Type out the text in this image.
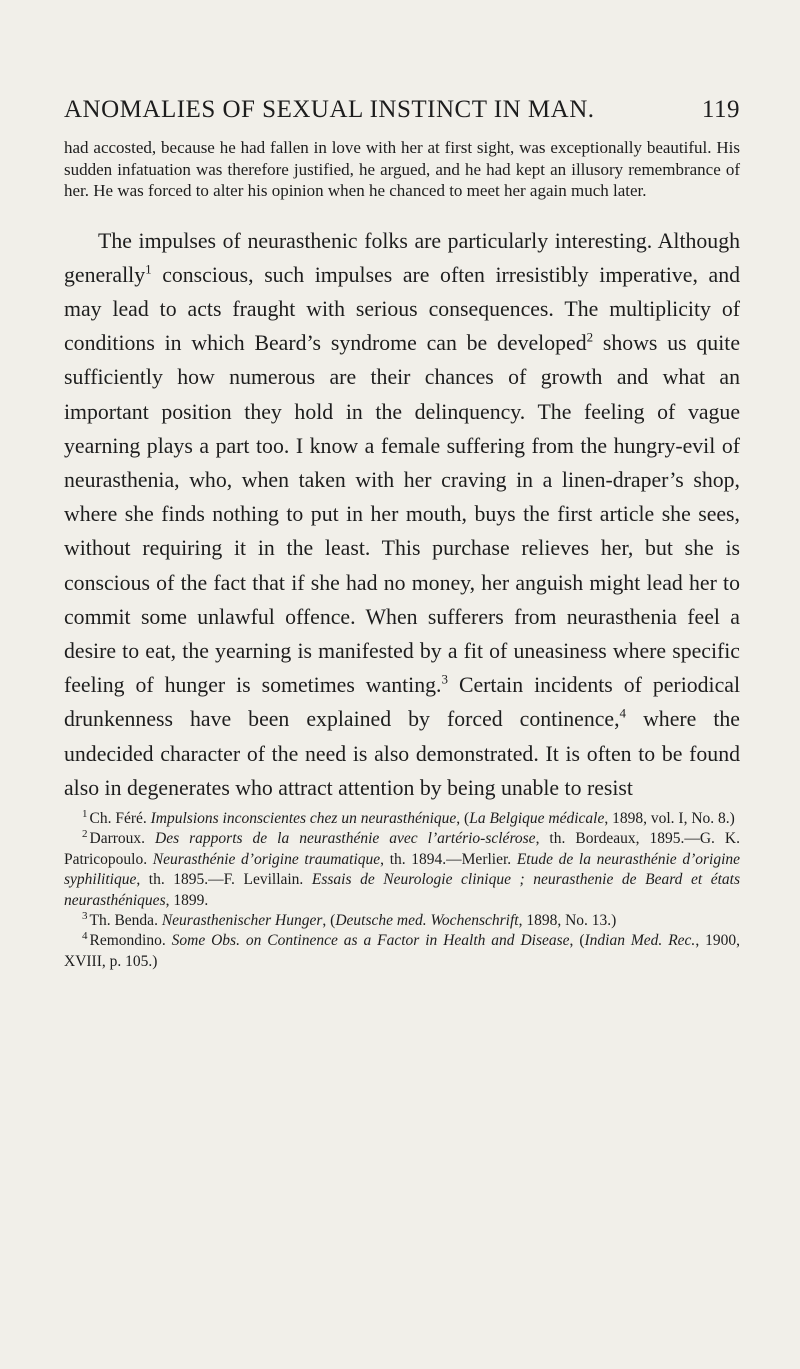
ANOMALIES OF SEXUAL INSTINCT IN MAN.	119

had accosted, because he had fallen in love with her at first sight, was exceptionally beautiful. His sudden infatuation was therefore justified, he argued, and he had kept an illusory remembrance of her. He was forced to alter his opinion when he chanced to meet her again much later.

The impulses of neurasthenic folks are particularly interesting. Although generally$^1$ conscious, such impulses are often irresistibly imperative, and may lead to acts fraught with serious consequences. The multiplicity of conditions in which Beard’s syndrome can be developed$^2$ shows us quite sufficiently how numerous are their chances of growth and what an important position they hold in the delinquency. The feeling of vague yearning plays a part too. I know a female suffering from the hungry-evil of neurasthenia, who, when taken with her craving in a linen-draper’s shop, where she finds nothing to put in her mouth, buys the first article she sees, without requiring it in the least. This purchase relieves her, but she is conscious of the fact that if she had no money, her anguish might lead her to commit some unlawful offence. When sufferers from neurasthenia feel a desire to eat, the yearning is manifested by a fit of uneasiness where specific feeling of hunger is sometimes wanting.$^3$ Certain incidents of periodical drunkenness have been explained by forced continence,$^4$ where the undecided character of the need is also demonstrated. It is often to be found also in degenerates who attract attention by being unable to resist

$^1$ Ch. Féré. Impulsions inconscientes chez un neurasthénique, (La Belgique médicale, 1898, vol. I, No. 8.)

$^2$ Darroux. Des rapports de la neurasthénie avec l’artério-sclérose, th. Bordeaux, 1895.—G. K. Patricopoulo. Neurasthénie d’origine traumatique, th. 1894.—Merlier. Etude de la neurasthénie d’origine syphilitique, th. 1895.—F. Levillain. Essais de Neurologie clinique ; neurasthenie de Beard et états neurasthéniques, 1899.

$^3$ Th. Benda. Neurasthenischer Hunger, (Deutsche med. Wochenschrift, 1898, No. 13.)

$^4$ Remondino. Some Obs. on Continence as a Factor in Health and Disease, (Indian Med. Rec., 1900, XVIII, p. 105.)
